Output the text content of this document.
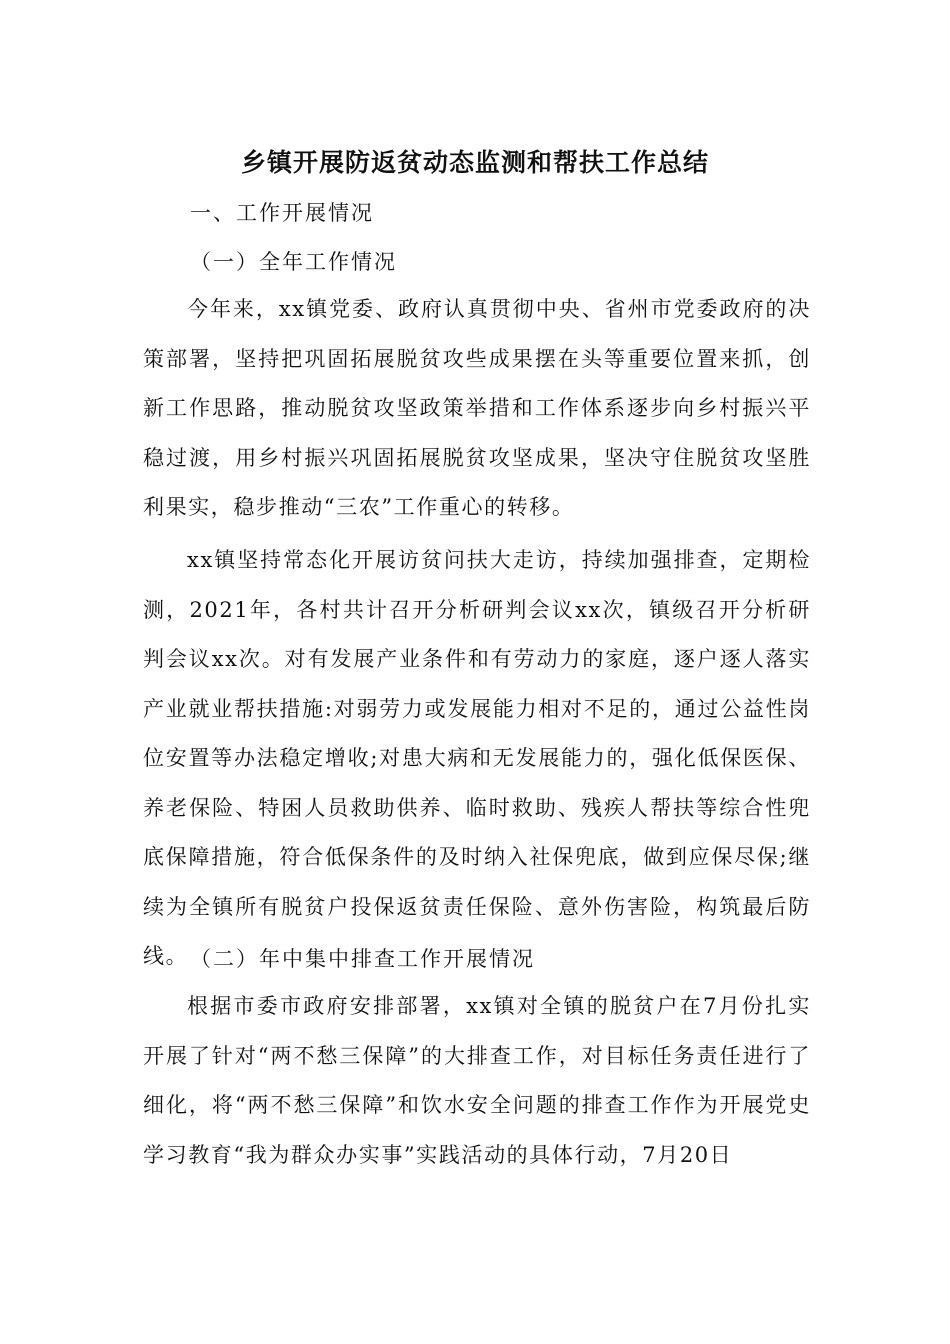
乡镇开展防返贫动态监测和帮扶工作总结
一、工作开展情况
（一）全年工作情况

今年来，xx镇党委、政府认真贯彻中央、省州市党委政府的决策部署，坚持把巩固拓展脱贫攻些成果摆在头等重要位置来抓，创新工作思路，推动脱贫攻坚政策举措和工作体系逐步向乡村振兴平稳过渡，用乡村振兴巩固拓展脱贫攻坚成果，坚决守住脱贫攻坚胜利果实，稳步推动“三农”工作重心的转移。

xx镇坚持常态化开展访贫问扶大走访，持续加强排查，定期检测，2021年，各村共计召开分析研判会议xx次，镇级召开分析研判会议xx次。对有发展产业条件和有劳动力的家庭，逐户逐人落实产业就业帮扶措施:对弱劳力或发展能力相对不足的，通过公益性岗位安置等办法稳定增收;对患大病和无发展能力的，强化低保医保、养老保险、特困人员救助供养、临时救助、残疾人帮扶等综合性兜底保障措施，符合低保条件的及时纳入社保兜底，做到应保尽保;继续为全镇所有脱贫户投保返贫责任保险、意外伤害险，构筑最后防线。 （二）年中集中排查工作开展情况

根据市委市政府安排部署，xx镇对全镇的脱贫户在7月份扎实开展了针对“两不愁三保障”的大排查工作，对目标任务责任进行了细化，将“两不愁三保障”和饮水安全问题的排查工作作为开展党史学习教育“我为群众办实事”实践活动的具体行动，7月20日
